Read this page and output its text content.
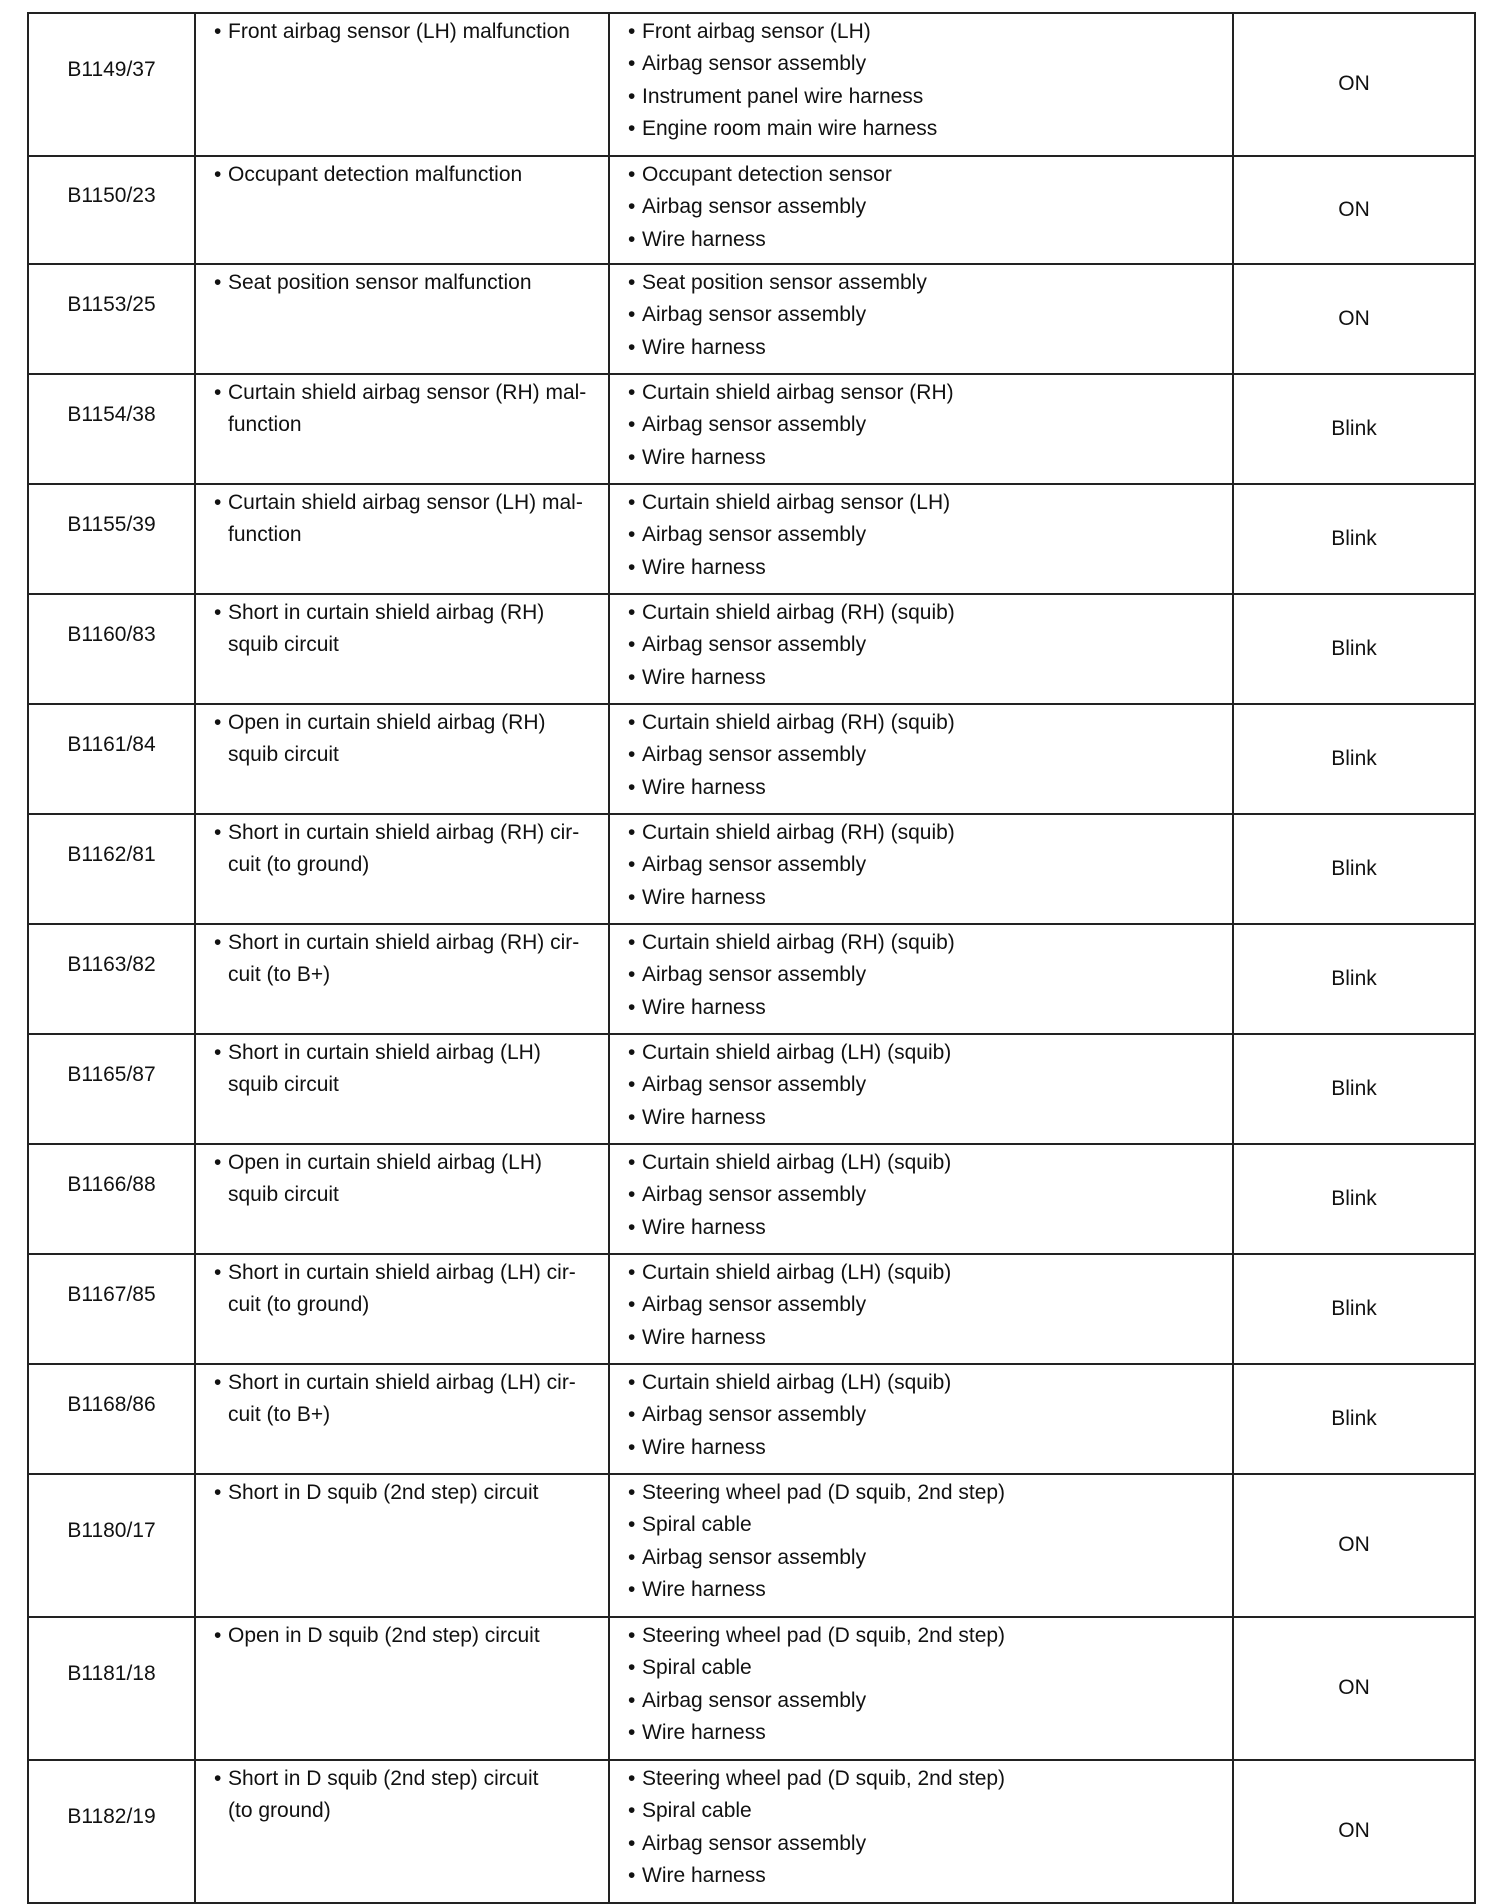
B1149/37	• Front airbag sensor (LH) malfunction	• Front airbag sensor (LH)
• Airbag sensor assembly
• Instrument panel wire harness
• Engine room main wire harness	ON

B1150/23	• Occupant detection malfunction	• Occupant detection sensor
• Airbag sensor assembly
• Wire harness	ON

B1153/25	• Seat position sensor malfunction	• Seat position sensor assembly
• Airbag sensor assembly
• Wire harness	ON

B1154/38	• Curtain shield airbag sensor (RH) mal-
function	• Curtain shield airbag sensor (RH)
• Airbag sensor assembly
• Wire harness	Blink

B1155/39	• Curtain shield airbag sensor (LH) mal-
function	• Curtain shield airbag sensor (LH)
• Airbag sensor assembly
• Wire harness	Blink

B1160/83	• Short in curtain shield airbag (RH)
squib circuit	• Curtain shield airbag (RH) (squib)
• Airbag sensor assembly
• Wire harness	Blink

B1161/84	• Open in curtain shield airbag (RH)
squib circuit	• Curtain shield airbag (RH) (squib)
• Airbag sensor assembly
• Wire harness	Blink

B1162/81	• Short in curtain shield airbag (RH) cir-
cuit (to ground)	• Curtain shield airbag (RH) (squib)
• Airbag sensor assembly
• Wire harness	Blink

B1163/82	• Short in curtain shield airbag (RH) cir-
cuit (to B+)	• Curtain shield airbag (RH) (squib)
• Airbag sensor assembly
• Wire harness	Blink

B1165/87	• Short in curtain shield airbag (LH)
squib circuit	• Curtain shield airbag (LH) (squib)
• Airbag sensor assembly
• Wire harness	Blink

B1166/88	• Open in curtain shield airbag (LH)
squib circuit	• Curtain shield airbag (LH) (squib)
• Airbag sensor assembly
• Wire harness	Blink

B1167/85	• Short in curtain shield airbag (LH) cir-
cuit (to ground)	• Curtain shield airbag (LH) (squib)
• Airbag sensor assembly
• Wire harness	Blink

B1168/86	• Short in curtain shield airbag (LH) cir-
cuit (to B+)	• Curtain shield airbag (LH) (squib)
• Airbag sensor assembly
• Wire harness	Blink

B1180/17	• Short in D squib (2nd step) circuit	• Steering wheel pad (D squib, 2nd step)
• Spiral cable
• Airbag sensor assembly
• Wire harness	ON

B1181/18	• Open in D squib (2nd step) circuit	• Steering wheel pad (D squib, 2nd step)
• Spiral cable
• Airbag sensor assembly
• Wire harness	ON

B1182/19	• Short in D squib (2nd step) circuit
(to ground)	• Steering wheel pad (D squib, 2nd step)
• Spiral cable
• Airbag sensor assembly
• Wire harness	ON
